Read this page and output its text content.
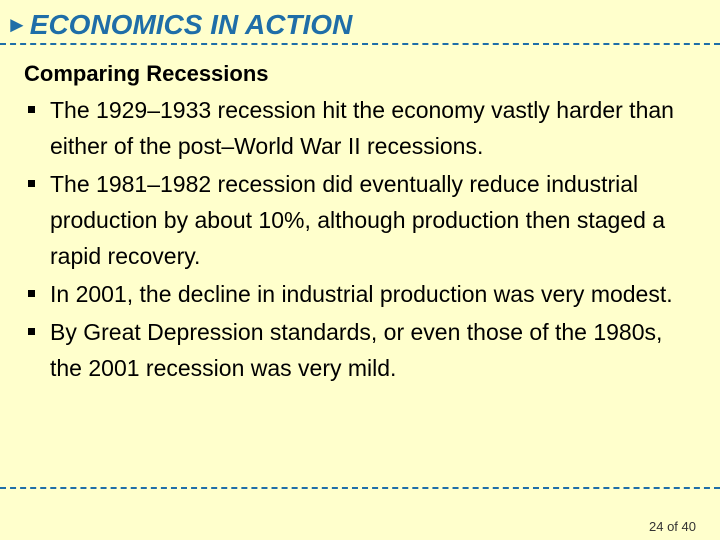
►ECONOMICS IN ACTION
Comparing Recessions
The 1929–1933 recession hit the economy vastly harder than either of the post–World War II recessions.
The 1981–1982 recession did eventually reduce industrial production by about 10%, although production then staged a rapid recovery.
In 2001, the decline in industrial production was very modest.
By Great Depression standards, or even those of the 1980s, the 2001 recession was very mild.
24 of 40
